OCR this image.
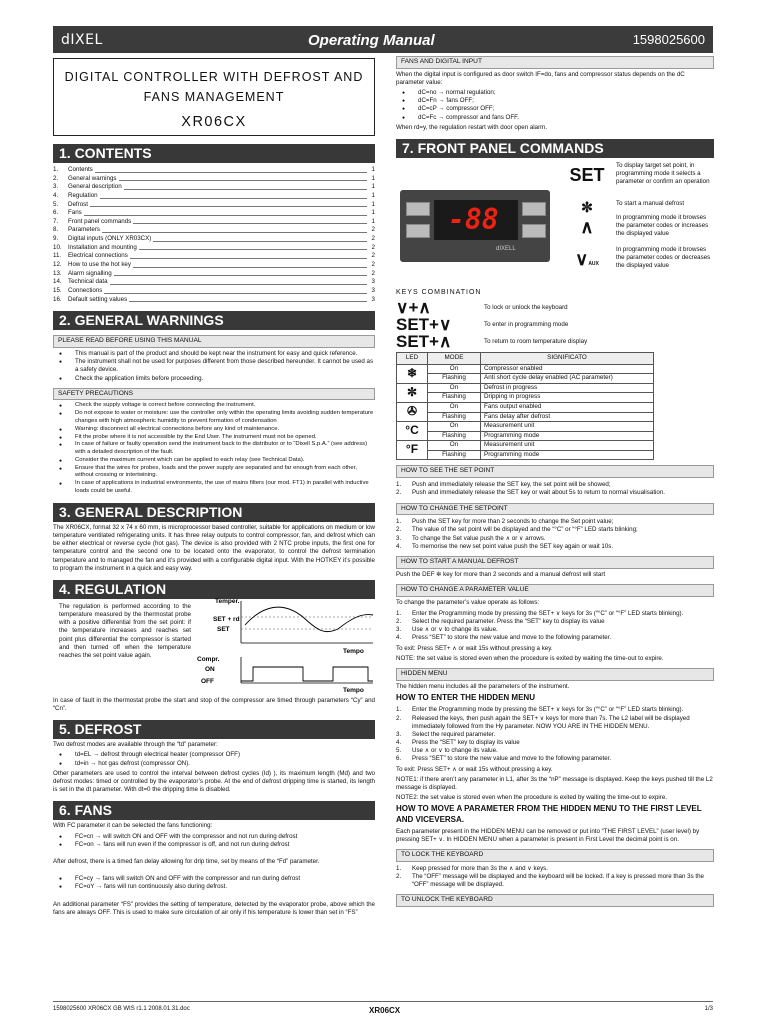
dIXEL	Operating Manual	1598025600
DIGITAL CONTROLLER WITH DEFROST AND
FANS MANAGEMENT
XR06CX
1. CONTENTS
1.	Contents	1
2.	General warnings	1
3.	General description	1
4.	Regulation	1
5.	Defrost	1
6.	Fans	1
7.	Front panel commands	1
8.	Parameters	2
9.	Digital inputs (ONLY XR03CX)	2
10.	Installation and mounting	2
11.	Electrical connections	2
12.	How to use the hot key	2
13.	Alarm signalling	2
14.	Technical data	3
15.	Connections	3
16.	Default setting values	3
2. GENERAL WARNINGS
PLEASE READ BEFORE USING THIS MANUAL
● This manual is part of the product and should be kept near the instrument for easy and quick reference.
● The instrument shall not be used for purposes different from those described hereunder. It cannot be used as a safety device.
● Check the application limits before proceeding.
SAFETY PRECAUTIONS
● Check the supply voltage is correct before connecting the instrument.
● Do not expose to water or moisture: use the controller only within the operating limits avoiding sudden temperature changes with high atmospheric humidity to prevent formation of condensation
● Warning: disconnect all electrical connections before any kind of maintenance.
● Fit the probe where it is not accessible by the End User. The instrument must not be opened.
● In case of failure or faulty operation send the instrument back to the distributor or to “Dixell S.p.A.” (see address) with a detailed description of the fault.
● Consider the maximum current which can be applied to each relay (see Technical Data).
● Ensure that the wires for probes, loads and the power supply are separated and far enough from each other, without crossing or intertwining.
● In case of applications in industrial environments, the use of mains filters (our mod. FT1) in parallel with inductive loads could be useful.
3. GENERAL DESCRIPTION

The XR06CX, format 32 x 74 x 60 mm, is microprocessor based controller, suitable for applications on medium or low temperature ventilated refrigerating units. It has three relay outputs to control compressor, fan, and defrost which can be either electrical or reverse cycle (hot gas). The device is also provided with 2 NTC probe inputs, the first one for temperature control and the second one to be located onto the evaporator, to control the defrost termination temperature and to managed the fan and it’s provided with a configurable digital input. With the HOTKEY it’s possible to program the instrument in a quick and easy way.

4. REGULATION
The regulation is performed according to the temperature measured by the thermostat probe with a positive differential from the set point: if the temperature increases and reaches set point plus differential the compressor is started and then turned off when the temperature reaches the set point value again.
Temper.
SET + rd
SET
Tempo
Compr.
ON
OFF
Tempo

In case of fault in the thermostat probe the start and stop of the compressor are timed through parameters “Cy” and “Cn”.

5. DEFROST

Two defrost modes are available through the “td” parameter:

● td=EL → defrost through electrical heater (compressor OFF)
● td=in → hot gas defrost (compressor ON).

Other parameters are used to control the interval between defrost cycles (Id) ), its maximum length (Md) and two defrost modes: timed or controlled by the evaporator’s probe. At the end of defrost dripping time is started, its length is set in the dt parameter. With dt=0 the dripping time is disabled.

6. FANS

With FC parameter it can be selected the fans functioning:

● FC=cn → will switch ON and OFF with the compressor and not run during defrost
● FC=on → fans will run even if the compressor is off, and not run during defrost

After defrost, there is a timed fan delay allowing for drip time, set by means of the “Fd” parameter.

● FC=cy → fans will switch ON and OFF with the compressor and run during defrost
● FC=oY → fans will run continuously also during defrost.

An additional parameter “FS” provides the setting of temperature, detected by the evaporator probe, above which the fans are always OFF. This is used to make sure circulation of air only if his temperature is lower than set in “FS”

FANS AND DIGITAL INPUT

When the digital input is configured as door switch IF=do, fans and compressor status depends on the dC parameter value:

● dC=no → normal regulation;
● dC=Fn → fans OFF;
● dC=cP → compressor OFF;
● dC=Fc → compressor and fans OFF.

When rd=y, the regulation restart with door open alarm.

7. FRONT PANEL COMMANDS
-88
dIXELL
SET	To display target set point, in programming mode it selects a parameter or confirm an operation
✼	To start a manual defrost
∧	In programming mode it browses the parameter codes or increases the displayed value
∨AUX
In programming mode it browses the parameter codes or decreases the displayed value
KEYS COMBINATION
∨+∧	To lock or unlock the keyboard
SET+∨	To enter in programming mode
SET+∧	To return to room temperature display
LED	MODE	SIGNIFICATO
❄	On	Compressor enabled
	Flashing	Anti short cycle delay enabled (AC parameter)
✼	On	Defrost in progress
	Flashing	Dripping in progress
✇	On	Fans output enabled
	Flashing	Fans delay after defrost
°C	On	Measurement unit
	Flashing	Programming mode
°F	On	Measurement unit
	Flashing	Programming mode
HOW TO SEE THE SET POINT
1.	Push and immediately release the SET key, the set point will be showed;
2.	Push and immediately release the SET key or wait about 5s to return to normal visualisation.
HOW TO CHANGE THE SETPOINT
1.	Push the SET key for more than 2 seconds to change the Set point value;
2.	The value of the set point will be displayed and the “°C” or “°F” LED starts blinking;
3.	To change the Set value push the ∧ or ∨ arrows.
4.	To memorise the new set point value push the SET key again or wait 10s.
HOW TO START A MANUAL DEFROST

Push the DEF ✼ key for more than 2 seconds and a manual defrost will start

HOW TO CHANGE A PARAMETER VALUE

To change the parameter’s value operate as follows:

1.	Enter the Programming mode by pressing the SET+ ∨ keys for 3s (“°C” or “°F” LED starts blinking).
2.	Select the required parameter. Press the “SET” key to display its value
3.	Use ∧ or ∨ to change its value.
4.	Press “SET” to store the new value and move to the following parameter.

To exit: Press SET+ ∧ or wait 15s without pressing a key.

NOTE: the set value is stored even when the procedure is exited by waiting the time-out to expire.

HIDDEN MENU

The hidden menu includes all the parameters of the instrument.

HOW TO ENTER THE HIDDEN MENU
1.	Enter the Programming mode by pressing the SET+ ∨ keys for 3s (“°C” or “°F” LED starts blinking).
2.	Released the keys, then push again the SET+ ∨ keys for more than 7s. The L2 label will be displayed immediately followed from the Hy parameter. NOW YOU ARE IN THE HIDDEN MENU.
3.	Select the required parameter.
4.	Press the “SET” key to display its value
5.	Use ∧ or ∨ to change its value.
6.	Press “SET” to store the new value and move to the following parameter.

To exit: Press SET+ ∧ or wait 15s without pressing a key.

NOTE1: if there aren’t any parameter in L1, after 3s the “nP” message is displayed. Keep the keys pushed till the L2 message is displayed.

NOTE2: the set value is stored even when the procedure is exited by waiting the time-out to expire.

HOW TO MOVE A PARAMETER FROM THE HIDDEN MENU TO THE FIRST LEVEL AND VICEVERSA.

Each parameter present in the HIDDEN MENU can be removed or put into “THE FIRST LEVEL” (user level) by pressing SET+ ∨. In HIDDEN MENU when a parameter is present in First Level the decimal point is on.

TO LOCK THE KEYBOARD
1.	Keep pressed for more than 3s the ∧ and ∨ keys.
2.	The “OFF” message will be displayed and the keyboard will be locked. If a key is pressed more than 3s the “OFF” message will be displayed.
TO UNLOCK THE KEYBOARD
1598025600 XR06CX GB WIS r1.1 2008.01.31.doc	XR06CX	1/3
